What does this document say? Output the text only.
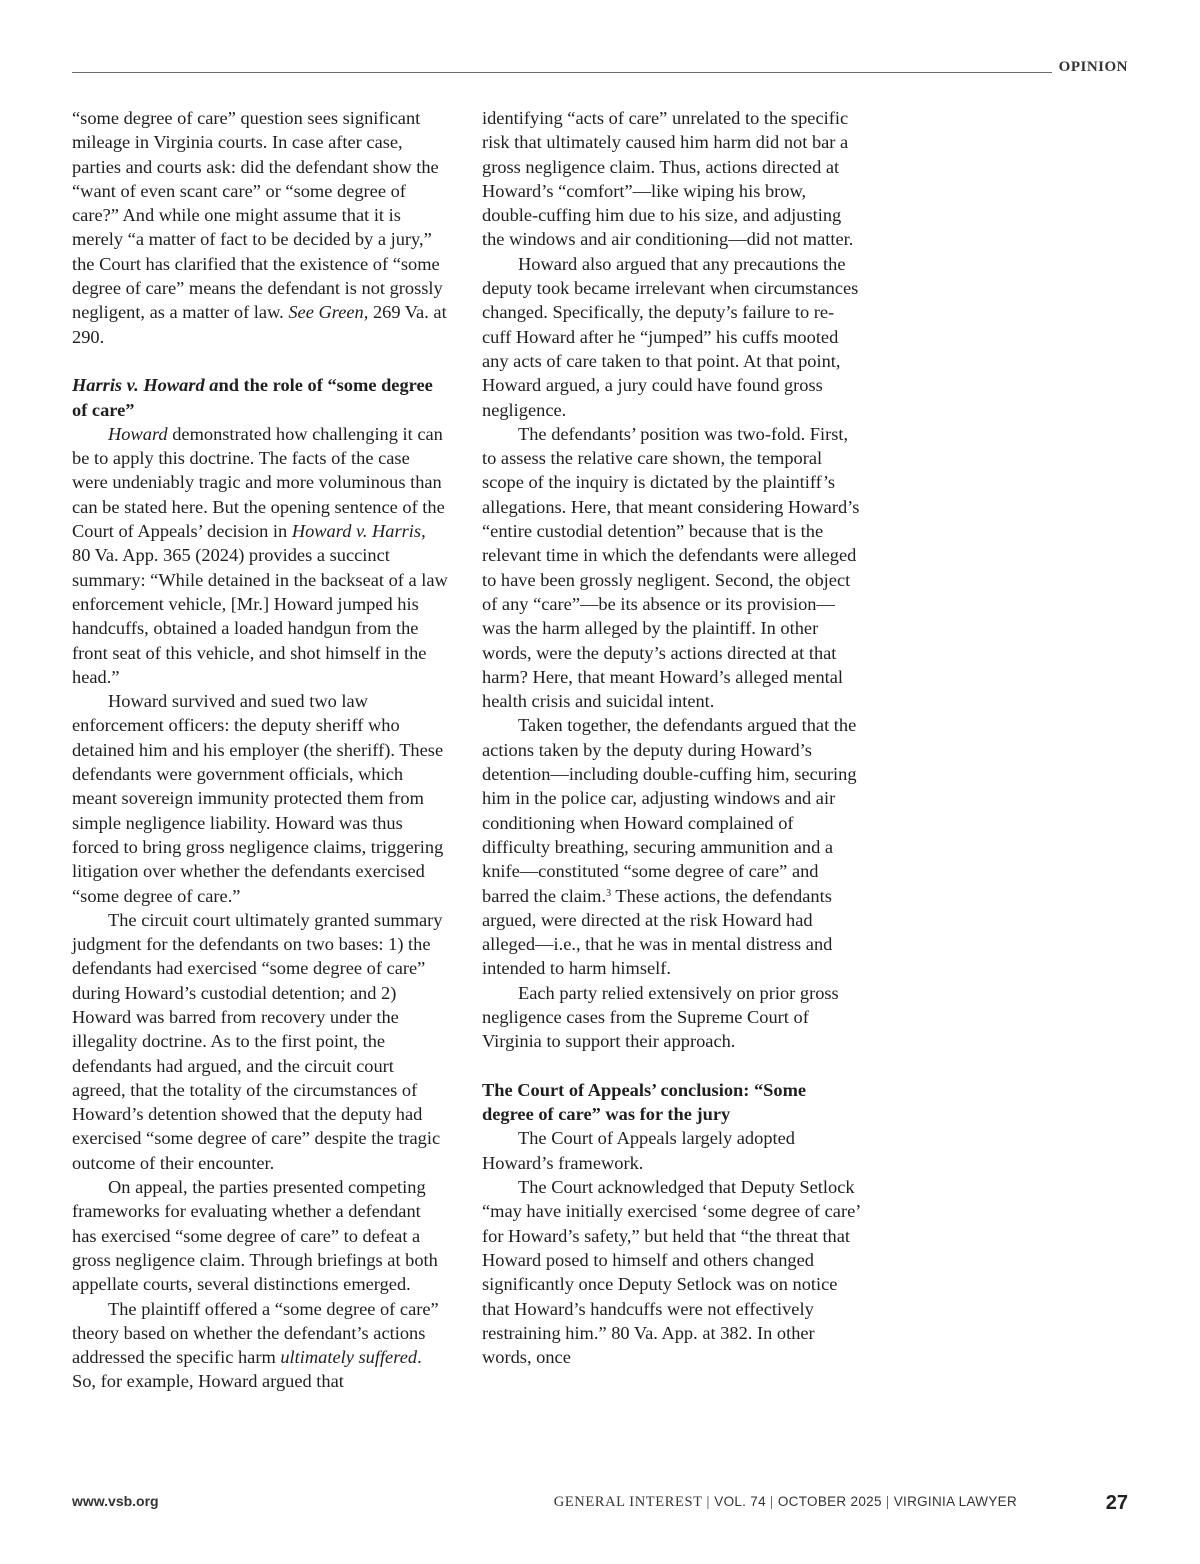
OPINION

“some degree of care” question sees significant mileage in Virginia courts. In case after case, parties and courts ask: did the defendant show the “want of even scant care” or “some degree of care?” And while one might assume that it is merely “a matter of fact to be decided by a jury,” the Court has clarified that the existence of “some degree of care” means the defendant is not grossly negligent, as a matter of law. See Green, 269 Va. at 290.

Harris v. Howard and the role of “some degree of care”

Howard demonstrated how challenging it can be to apply this doctrine. The facts of the case were undeniably tragic and more voluminous than can be stated here. But the opening sentence of the Court of Appeals’ decision in Howard v. Harris, 80 Va. App. 365 (2024) provides a succinct summary: “While detained in the backseat of a law enforcement vehicle, [Mr.] Howard jumped his handcuffs, obtained a loaded handgun from the front seat of this vehicle, and shot himself in the head.”

Howard survived and sued two law enforcement officers: the deputy sheriff who detained him and his employer (the sheriff). These defendants were government officials, which meant sovereign immunity protected them from simple negligence liability. Howard was thus forced to bring gross negligence claims, triggering litigation over whether the defendants exercised “some degree of care.”

The circuit court ultimately granted summary judgment for the defendants on two bases: 1) the defendants had exercised “some degree of care” during Howard’s custodial detention; and 2) Howard was barred from recovery under the illegality doctrine. As to the first point, the defendants had argued, and the circuit court agreed, that the totality of the circumstances of Howard’s detention showed that the deputy had exercised “some degree of care” despite the tragic outcome of their encounter.

On appeal, the parties presented competing frameworks for evaluating whether a defendant has exercised “some degree of care” to defeat a gross negligence claim. Through briefings at both appellate courts, several distinctions emerged.

The plaintiff offered a “some degree of care” theory based on whether the defendant’s actions addressed the specific harm ultimately suffered. So, for example, Howard argued that

identifying “acts of care” unrelated to the specific risk that ultimately caused him harm did not bar a gross negligence claim. Thus, actions directed at Howard’s “comfort”—like wiping his brow, double-cuffing him due to his size, and adjusting the windows and air conditioning—did not matter.

Howard also argued that any precautions the deputy took became irrelevant when circumstances changed. Specifically, the deputy’s failure to re-cuff Howard after he “jumped” his cuffs mooted any acts of care taken to that point. At that point, Howard argued, a jury could have found gross negligence.

The defendants’ position was two-fold. First, to assess the relative care shown, the temporal scope of the inquiry is dictated by the plaintiff’s allegations. Here, that meant considering Howard’s “entire custodial detention” because that is the relevant time in which the defendants were alleged to have been grossly negligent. Second, the object of any “care”—be its absence or its provision—was the harm alleged by the plaintiff. In other words, were the deputy’s actions directed at that harm? Here, that meant Howard’s alleged mental health crisis and suicidal intent.

Taken together, the defendants argued that the actions taken by the deputy during Howard’s detention—including double-cuffing him, securing him in the police car, adjusting windows and air conditioning when Howard complained of difficulty breathing, securing ammunition and a knife—constituted “some degree of care” and barred the claim.$^3$ These actions, the defendants argued, were directed at the risk Howard had alleged—i.e., that he was in mental distress and intended to harm himself.

Each party relied extensively on prior gross negligence cases from the Supreme Court of Virginia to support their approach.

The Court of Appeals’ conclusion: “Some degree of care” was for the jury

The Court of Appeals largely adopted Howard’s framework.

The Court acknowledged that Deputy Setlock “may have initially exercised ‘some degree of care’ for Howard’s safety,” but held that “the threat that Howard posed to himself and others changed significantly once Deputy Setlock was on notice that Howard’s handcuffs were not effectively restraining him.” 80 Va. App. at 382. In other words, once

www.vsb.org	GENERAL INTEREST | VOL. 74 | OCTOBER 2025 | VIRGINIA LAWYER	27
